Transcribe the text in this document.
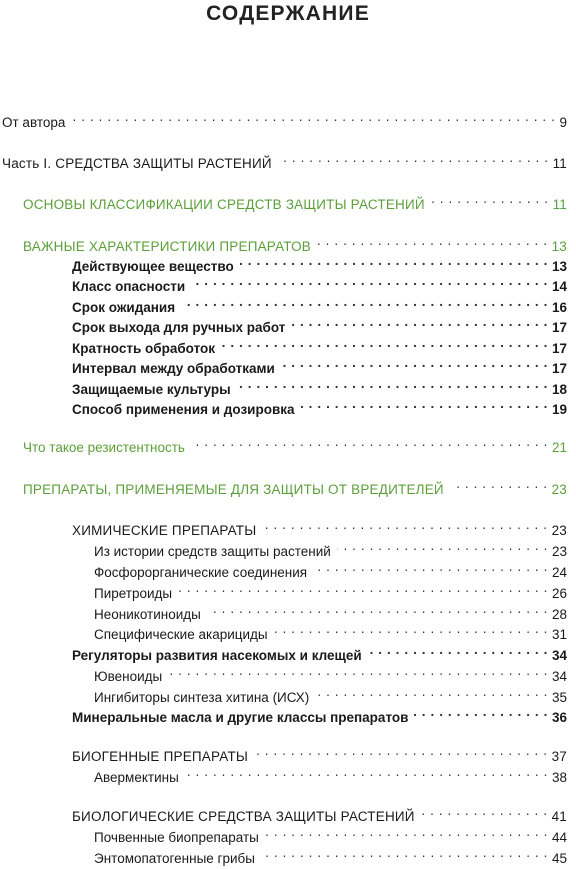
СОДЕРЖАНИЕ
От автора . . .	9
Часть I. СРЕДСТВА ЗАЩИТЫ РАСТЕНИЙ . . .	11
ОСНОВЫ КЛАССИФИКАЦИИ СРЕДСТВ ЗАЩИТЫ РАСТЕНИЙ . . .	11
ВАЖНЫЕ ХАРАКТЕРИСТИКИ ПРЕПАРАТОВ . . .	13
Действующее вещество . . .	13
Класс опасности . . .	14
Срок ожидания . . .	16
Срок выхода для ручных работ . . .	17
Кратность обработок . . .	17
Интервал между обработками . . .	17
Защищаемые культуры . . .	18
Способ применения и дозировка . . .	19
Что такое резистентность . . .	21
ПРЕПАРАТЫ, ПРИМЕНЯЕМЫЕ ДЛЯ ЗАЩИТЫ ОТ ВРЕДИТЕЛЕЙ . . .	23
ХИМИЧЕСКИЕ ПРЕПАРАТЫ . . .	23
Из истории средств защиты растений . . .	23
Фосфорорганические соединения . . .	24
Пиретроиды . . .	26
Неоникотиноиды . . .	28
Специфические акарициды . . .	31
Регуляторы развития насекомых и клещей . . .	34
Ювеноиды . . .	34
Ингибиторы синтеза хитина (ИСХ) . . .	35
Минеральные масла и другие классы препаратов . . .	36
БИОГЕННЫЕ ПРЕПАРАТЫ . . .	37
Авермектины . . .	38
БИОЛОГИЧЕСКИЕ СРЕДСТВА ЗАЩИТЫ РАСТЕНИЙ . . .	41
Почвенные биопрепараты . . .	44
Энтомопатогенные грибы . . .	45
